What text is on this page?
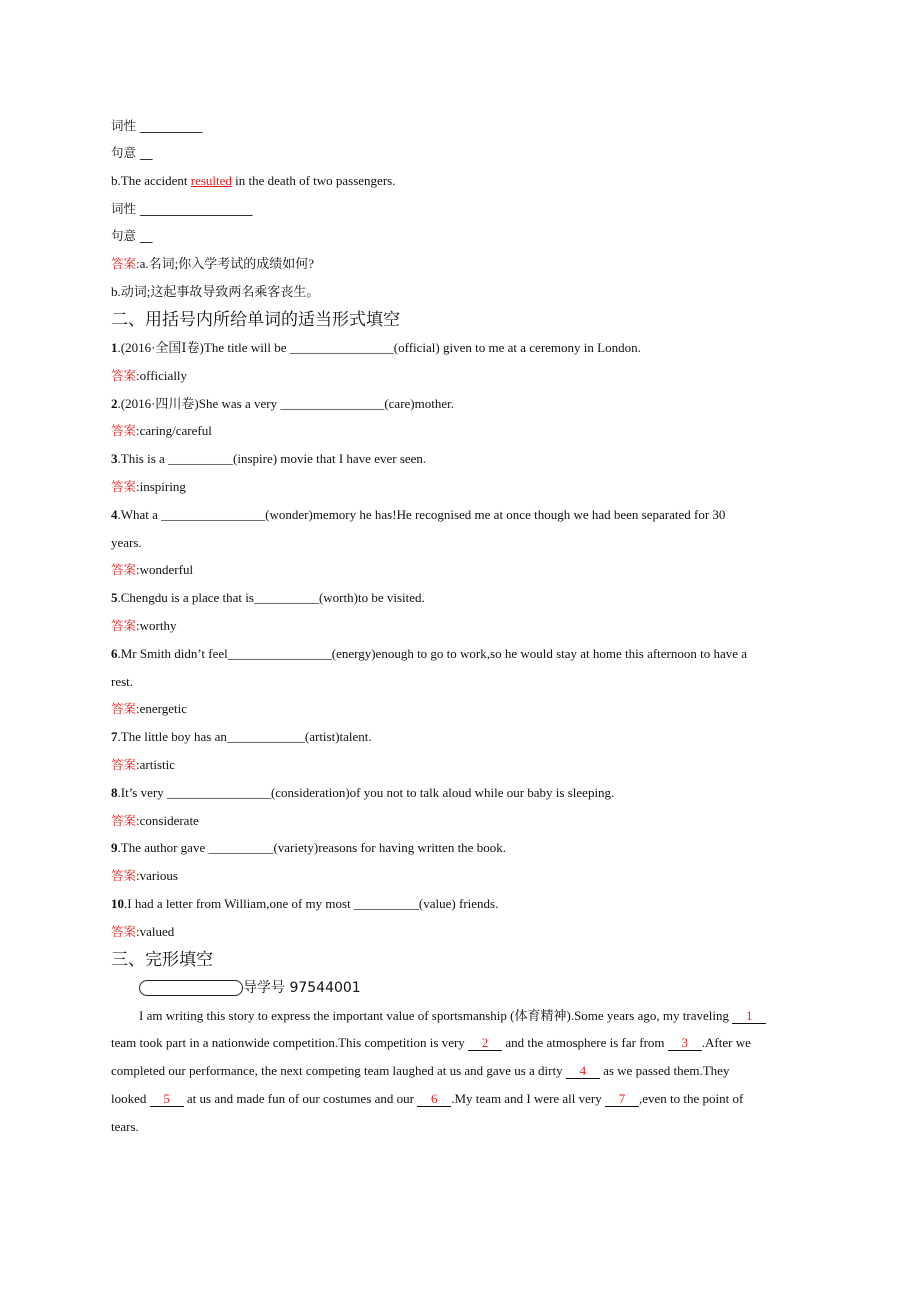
词性 __________
句意 __
b.The accident resulted in the death of two passengers.
词性 __________________
句意 __
答案:a.名词;你入学考试的成绩如何?
b.动词;这起事故导致两名乘客丧生。
二、用括号内所给单词的适当形式填空
1.(2016·全国Ⅰ卷)The title will be ________________(official) given to me at a ceremony in London.
答案:officially
2.(2016·四川卷)She was a very ________________(care)mother.
答案:caring/careful
3.This is a __________(inspire) movie that I have ever seen.
答案:inspiring
4.What a ________________(wonder)memory he has!He recognised me at once though we had been separated for 30
years.
答案:wonderful
5.Chengdu is a place that is__________(worth)to be visited.
答案:worthy
6.Mr Smith didn’t feel________________(energy)enough to go to work,so he would stay at home this afternoon to have a
rest.
答案:energetic
7.The little boy has an____________(artist)talent.
答案:artistic
8.It’s very ________________(consideration)of you not to talk aloud while our baby is sleeping.
答案:considerate
9.The author gave __________(variety)reasons for having written the book.
答案:various
10.I had a letter from William,one of my most __________(value) friends.
答案:valued
三、完形填空
导学号 97544001
I am writing this story to express the important value of sportsmanship (体育精神).Some years ago, my traveling 1
team took part in a nationwide competition.This competition is very 2 and the atmosphere is far from 3 .After we
completed our performance, the next competing team laughed at us and gave us a dirty 4 as we passed them.They
looked 5 at us and made fun of our costumes and our 6 .My team and I were all very 7 ,even to the point of
tears.
